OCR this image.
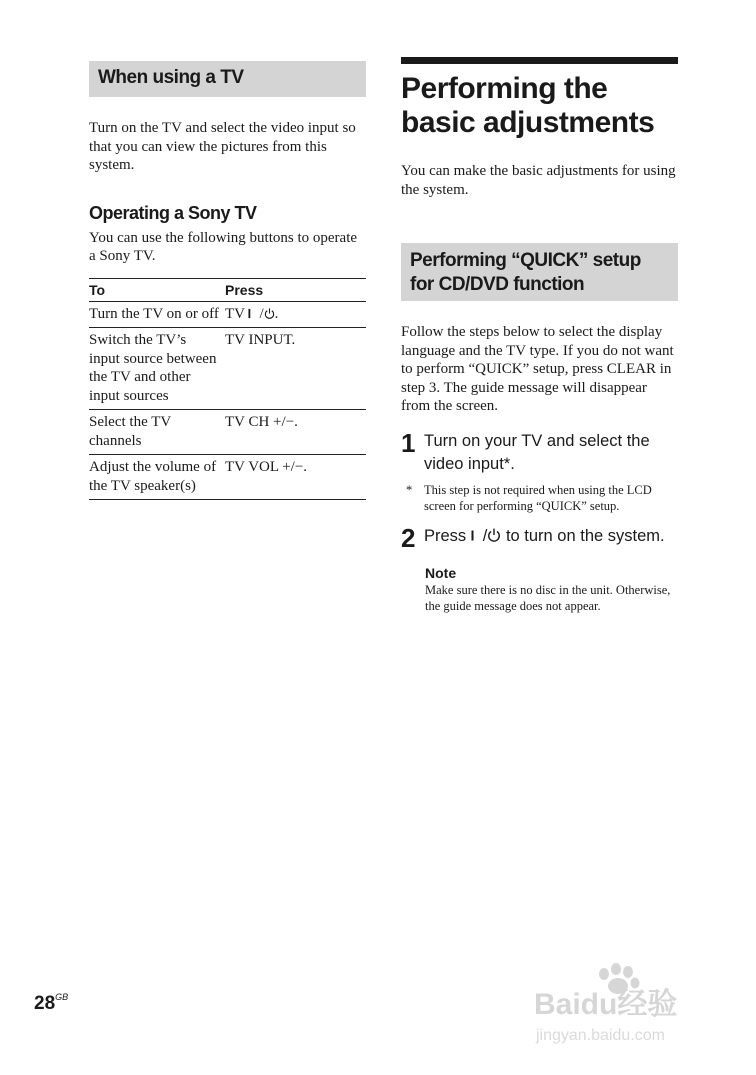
When using a TV

Turn on the TV and select the video input so that you can view the pictures from this system.

Operating a Sony TV

You can use the following buttons to operate a Sony TV.

To	Press
Turn the TV on or off	TV / .
Switch the TV’s input source between the TV and other input sources	TV INPUT.
Select the TV channels	TV CH +/−.
Adjust the volume of the TV speaker(s)	TV VOL +/−.
Performing the basic adjustments

You can make the basic adjustments for using the system.

Performing “QUICK” setup for CD/DVD function

Follow the steps below to select the display language and the TV type. If you do not want to perform “QUICK” setup, press CLEAR in step 3. The guide message will disappear from the screen.

1 Turn on your TV and select the video input*.
* This step is not required when using the LCD screen for performing “QUICK” setup.
2 Press / to turn on the system.
Note
Make sure there is no disc in the unit. Otherwise, the guide message does not appear.
$28^{GB}$	Baidu经验
jingyan.baidu.com
